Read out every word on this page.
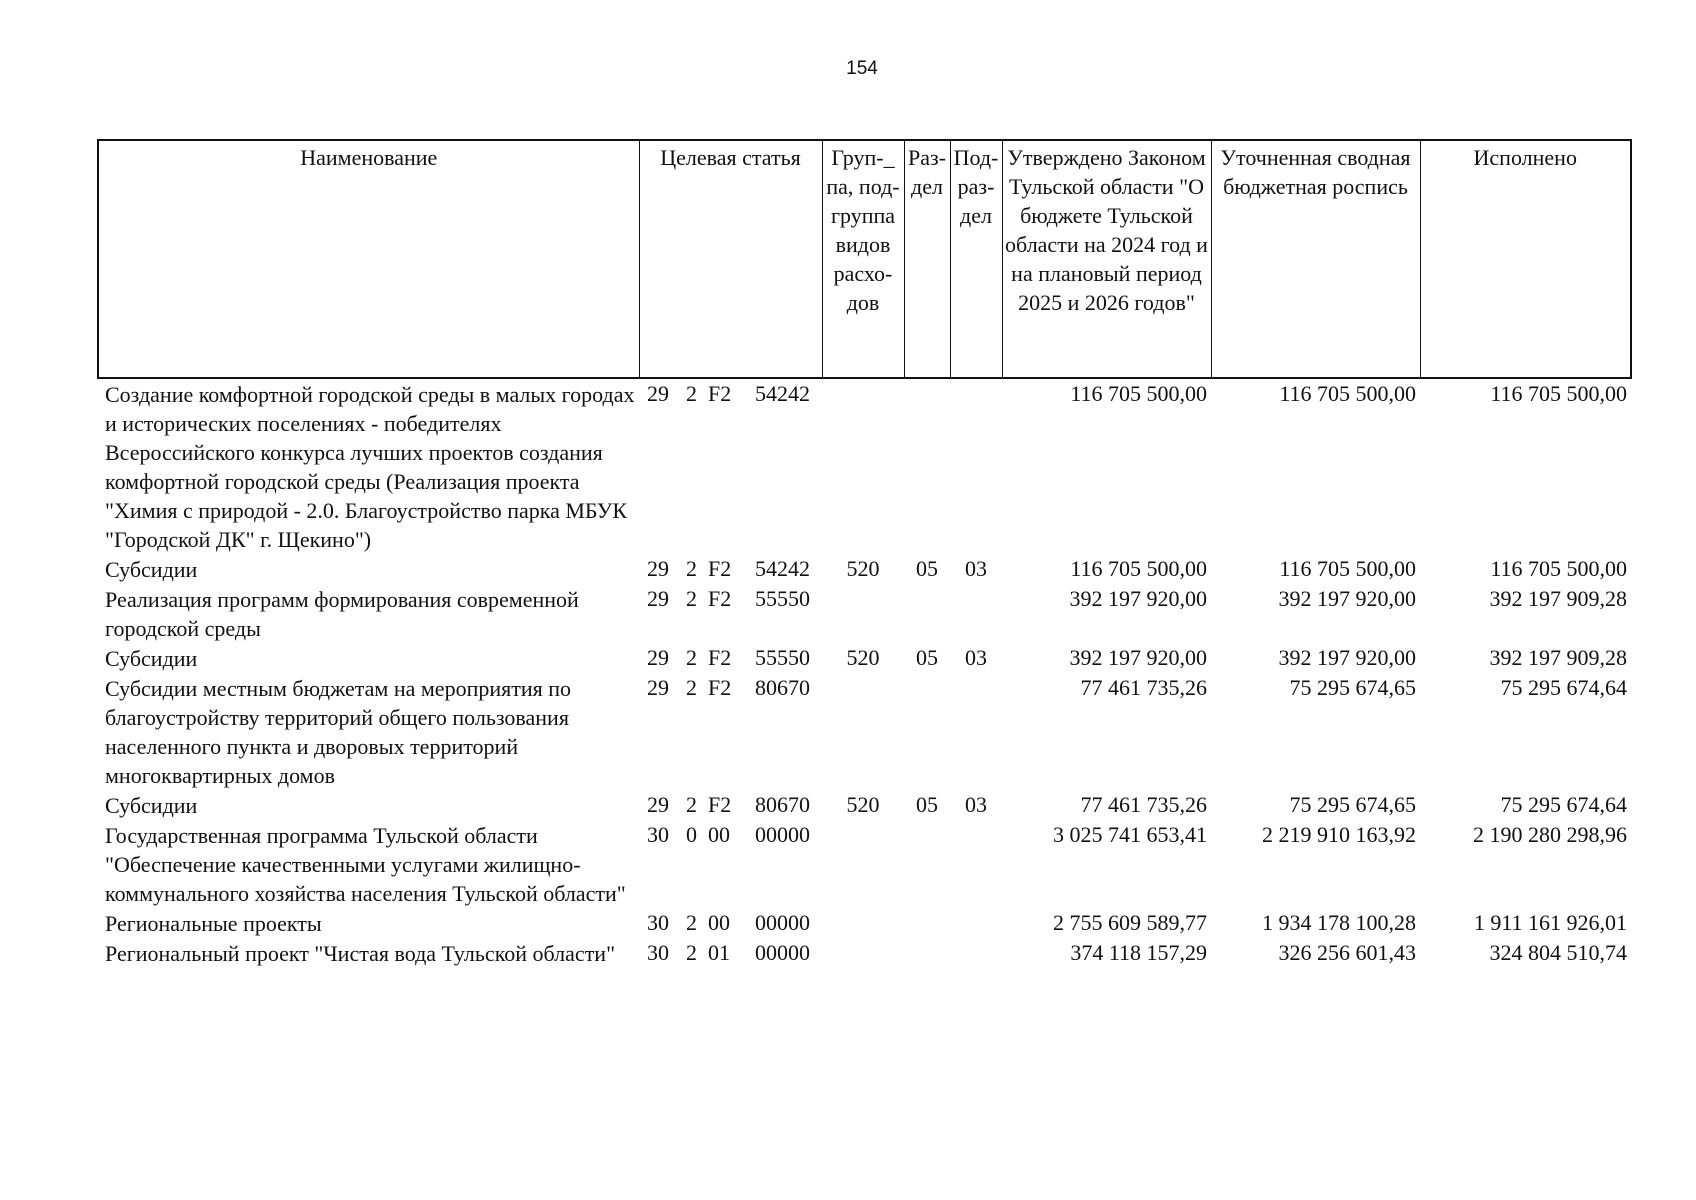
154
Наименование	Целевая статья	Груп-_ па, под- группа видов расхо- дов	Раз- дел	Под- раз- дел	Утверждено Законом Тульской области "О бюджете Тульской области на 2024 год и на плановый период 2025 и 2026 годов"	Уточненная сводная бюджетная роспись	Исполнено
Создание комфортной городской среды в малых городах и исторических поселениях - победителях Всероссийского конкурса лучших проектов создания комфортной городской среды (Реализация проекта "Химия с природой - 2.0. Благоустройство парка МБУК "Городской ДК" г. Щекино")	29 2 F2 54242				116 705 500,00	116 705 500,00	116 705 500,00
Субсидии	29 2 F2 54242	520	05	03	116 705 500,00	116 705 500,00	116 705 500,00
Реализация программ формирования современной городской среды	29 2 F2 55550				392 197 920,00	392 197 920,00	392 197 909,28
Субсидии	29 2 F2 55550	520	05	03	392 197 920,00	392 197 920,00	392 197 909,28
Субсидии местным бюджетам на мероприятия по благоустройству территорий общего пользования населенного пункта и дворовых территорий многоквартирных домов	29 2 F2 80670				77 461 735,26	75 295 674,65	75 295 674,64
Субсидии	29 2 F2 80670	520	05	03	77 461 735,26	75 295 674,65	75 295 674,64
Государственная программа Тульской области "Обеспечение качественными услугами жилищно-коммунального хозяйства населения Тульской области"	30 0 00 00000				3 025 741 653,41	2 219 910 163,92	2 190 280 298,96
Региональные проекты	30 2 00 00000				2 755 609 589,77	1 934 178 100,28	1 911 161 926,01
Региональный проект "Чистая вода Тульской области"	30 2 01 00000				374 118 157,29	326 256 601,43	324 804 510,74
